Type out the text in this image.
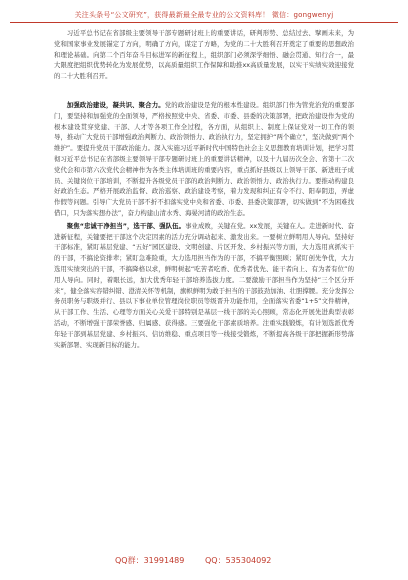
关注头条号“公文研究”，获得最新最全最专业的公文资料库！ 微信：gongwenyj

习近平总书记在省部级主要领导干部专题研讨班上的重要讲话，研判形势、总结过去、擘画未来，为党和国家事业发展锚定了方向，明确了方向，谋定了方略，为党的二十大胜利召开奠定了重要的思想政治和理论基础。向第二个百年奋斗目标进军的新征程上，组织部门必须深学细悟、融会贯通、知行合一，最大限度把组织优势转化为发展优势，以高质量组织工作保障和助推xx高质量发展，以实干实绩实效迎接党的二十大胜利召开。

加强政治建设，凝共识、聚合力。党的政治建设是党的根本性建设。组织部门作为管党治党的重要部门，要坚持和加强党的全面领导，严格按照党中央、省委、市委、县委的决策部署，把政治建设作为党的根本建设贯穿党建、干部、人才等各项工作全过程，各方面，从组织上、制度上保证党对一切工作的领导，推动广大党员干部增强政治判断力、政治领悟力、政治执行力，坚定拥护“两个确立”，坚决做到“两个维护”。要提升党员干部政治能力。深入实施习近平新时代中国特色社会主义思想教育培训计划，把学习贯彻习近平总书记在省部级主要领导干部专题研讨班上的重要讲话精神，以及十九届历次全会、省第十二次党代会和市第六次党代会精神作为各类主体培训班的重要内容，重点抓好县级以上领导干部、新进班子成员、关键岗位干部培训，不断提升各级党员干部的政治判断力、政治领悟力、政治执行力。要推动构建良好政治生态。严格开展政治监督、政治巡察、政治建设考察，着力发现和纠正有令不行、阳奉阴违，弄虚作假等问题。引导广大党员干部不折不扣落实党中央和省委、市委、县委决策部署，切实做到“不为困难找借口，只为落实想办法”，奋力构建山清水秀、海晏河清的政治生态。

聚焦“忠诚干净担当”，选干部、强队伍。事业成败，关键在党。xx发展，关键在人。走进新时代、奋进新征程，关键要把干部这个决定因素的活力充分调动起来、激发出来。一要树立鲜明用人导向。坚持好干部标准，紧盯基层党建、“五好”园区建设、文明创建、片区开发、乡村振兴等方面，大力选用真抓实干的干部，不搞论资排辈；紧盯急难险重，大力选用担当作为的干部，不搞平衡照顾；紧盯创先争优，大力选用实绩突出的干部，不搞降格以求，鲜明树起“吃苦者吃香、优秀者优先、能干者向上、有为者有位”的用人导向。同时，着眼长远，加大优秀年轻干部培养选拔力度。二要激励干部担当作为坚持“三个区分开来”，健全落实容错纠错、澄清关怀等机制，旗帜鲜明为敢于担当的干部鼓劲加油、壮胆撑腰。充分发挥公务员职务与职级并行、县以下事业单位管理岗位职员等级晋升功能作用，全面落实省委“1+5”文件精神，从干部工作、生活、心理等方面关心关爱干部特别是基层一线干部的关心照顾，常态化开展先进典型表彰活动，不断增强干部荣誉感、归属感、获得感。三要强化干部素质培养。注重实践锻炼，有计划选派优秀年轻干部到基层党建、乡村振兴、信访维稳、重点项目等一线接受锻炼，不断提高各级干部把握新形势落实新部署、实现新目标的能力。

QQ群：31991489	QQ：535304092
